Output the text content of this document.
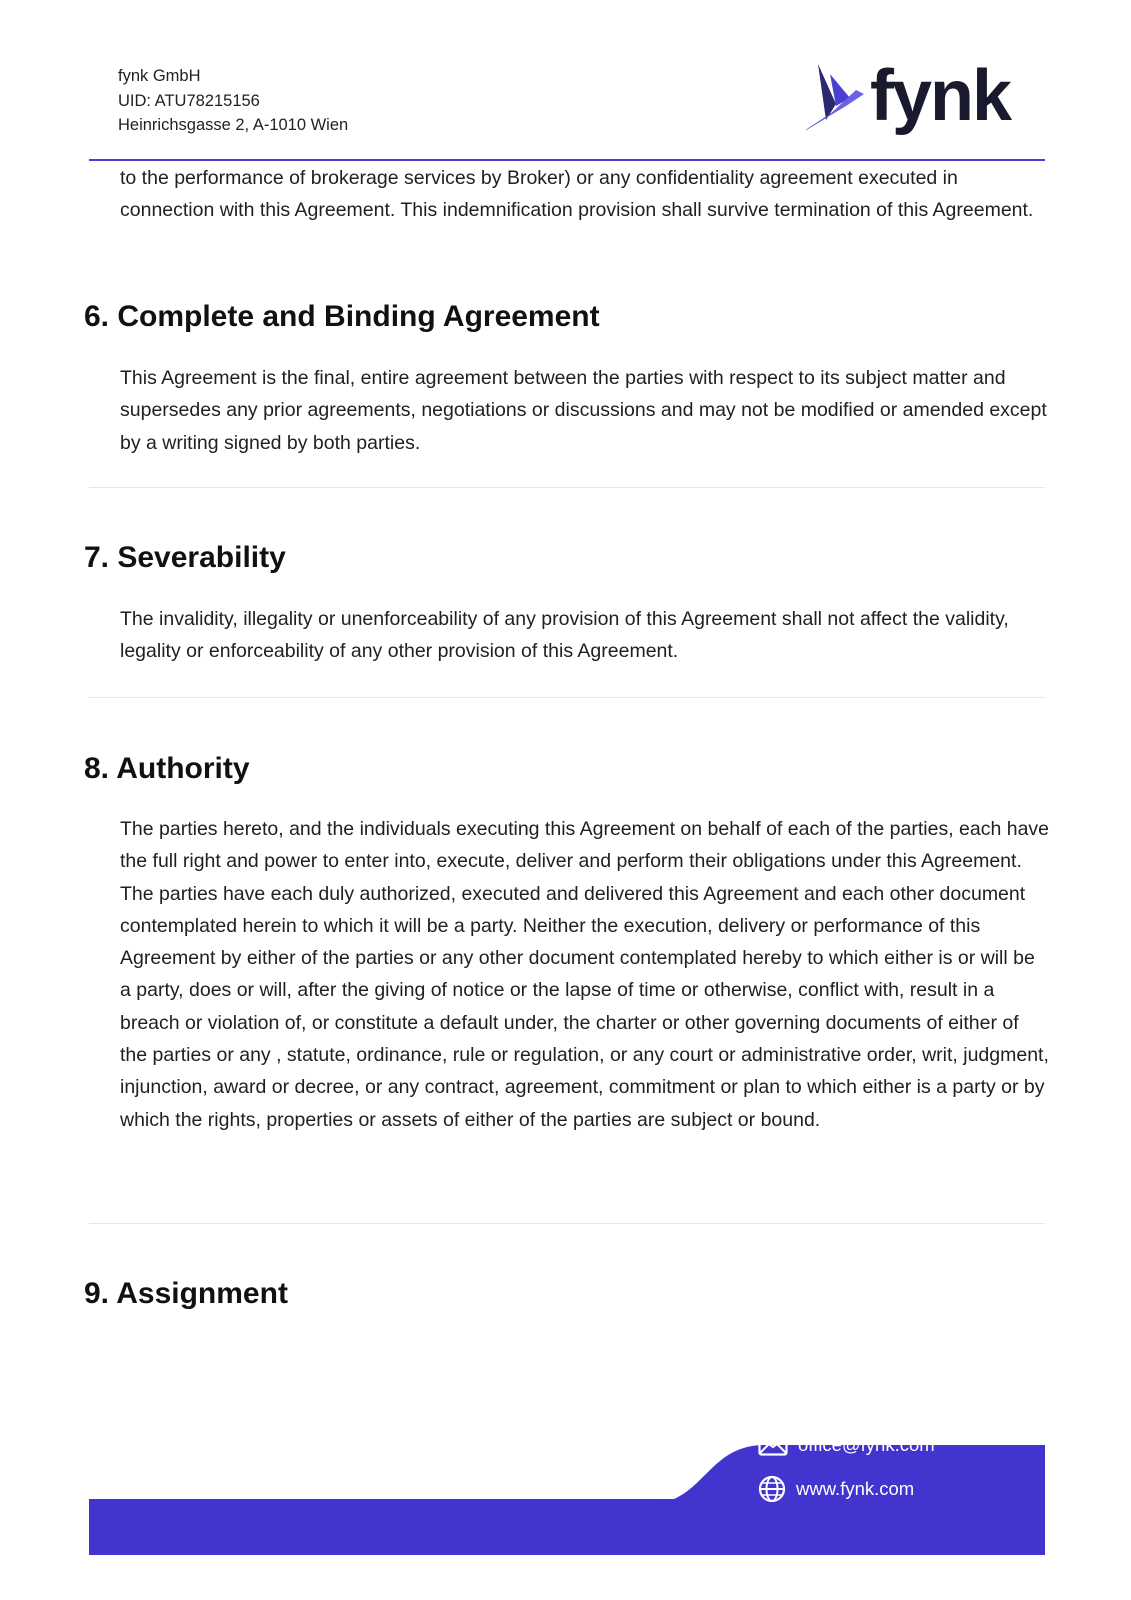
fynk GmbH
UID: ATU78215156
Heinrichsgasse 2, A-1010 Wien	fynk

to the performance of brokerage services by Broker) or any confidentiality agreement executed in connection with this Agreement. This indemnification provision shall survive termination of this Agreement.

6. Complete and Binding Agreement

This Agreement is the final, entire agreement between the parties with respect to its subject matter and supersedes any prior agreements, negotiations or discussions and may not be modified or amended except by a writing signed by both parties.

7. Severability

The invalidity, illegality or unenforceability of any provision of this Agreement shall not affect the validity, legality or enforceability of any other provision of this Agreement.

8. Authority

The parties hereto, and the individuals executing this Agreement on behalf of each of the parties, each have the full right and power to enter into, execute, deliver and perform their obligations under this Agreement. The parties have each duly authorized, executed and delivered this Agreement and each other document contemplated herein to which it will be a party. Neither the execution, delivery or performance of this Agreement by either of the parties or any other document contemplated hereby to which either is or will be a party, does or will, after the giving of notice or the lapse of time or otherwise, conflict with, result in a breach or violation of, or constitute a default under, the charter or other governing documents of either of the parties or any , statute, ordinance, rule or regulation, or any court or administrative order, writ, judgment, injunction, award or decree, or any contract, agreement, commitment or plan to which either is a party or by which the rights, properties or assets of either of the parties are subject or bound.

9. Assignment
office@fynk.com
www.fynk.com
